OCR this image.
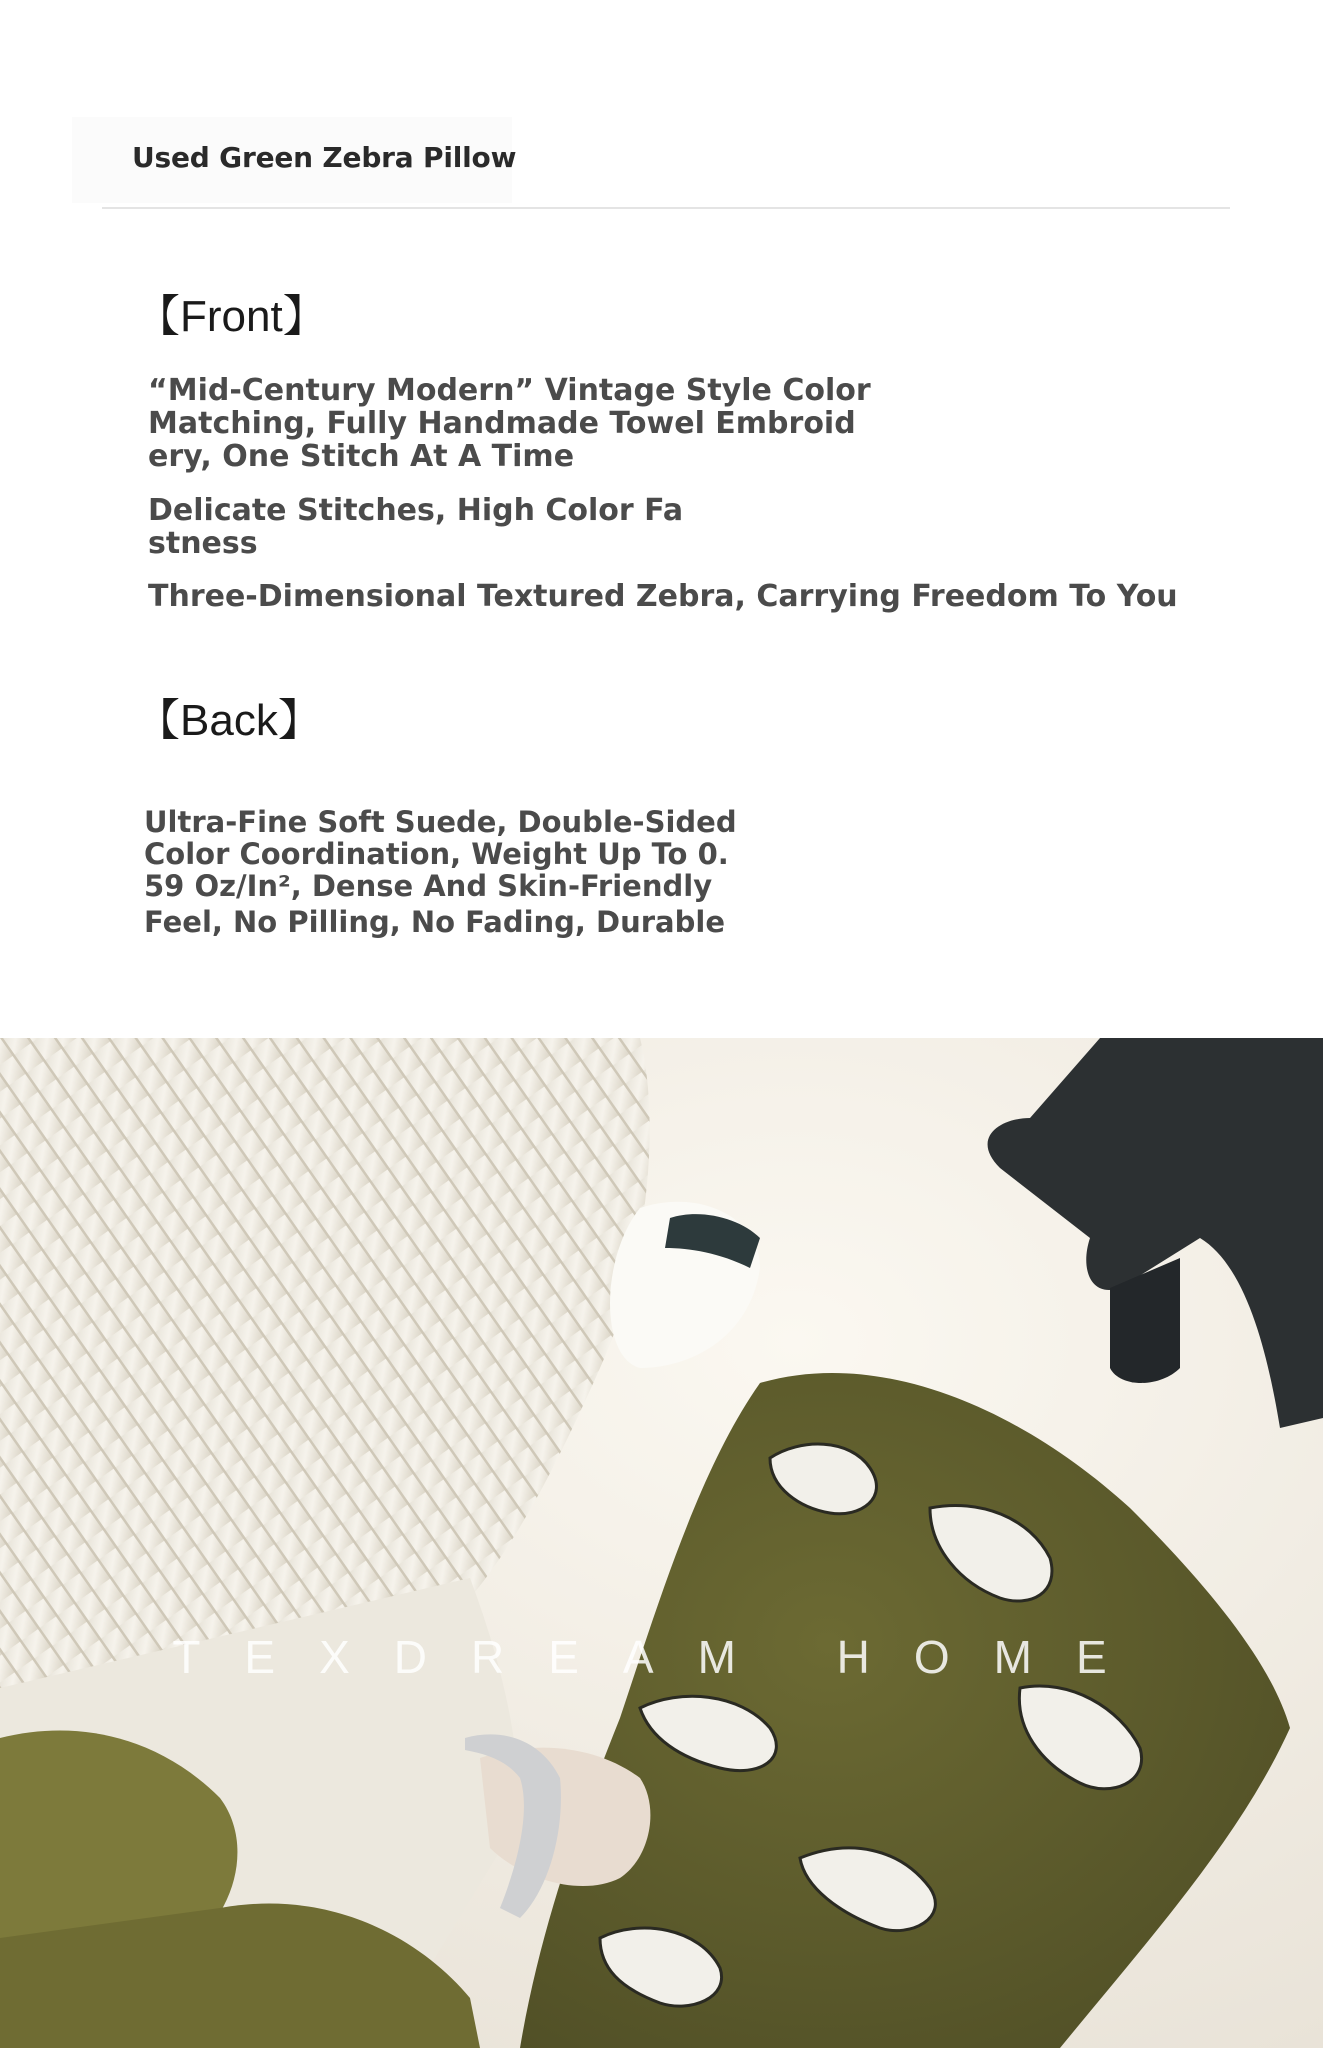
Used Green Zebra Pillow
【Front】
“Mid-Century Modern” Vintage Style Color
Matching, Fully Handmade Towel Embroid
ery, One Stitch At A Time
Delicate Stitches, High Color Fa
stness
Three-Dimensional Textured Zebra, Carrying Freedom To You
【Back】
Ultra-Fine Soft Suede, Double-Sided
Color Coordination, Weight Up To 0.
59 Oz/In², Dense And Skin-Friendly
Feel, No Pilling, No Fading, Durable
TEXDREAM HOME
